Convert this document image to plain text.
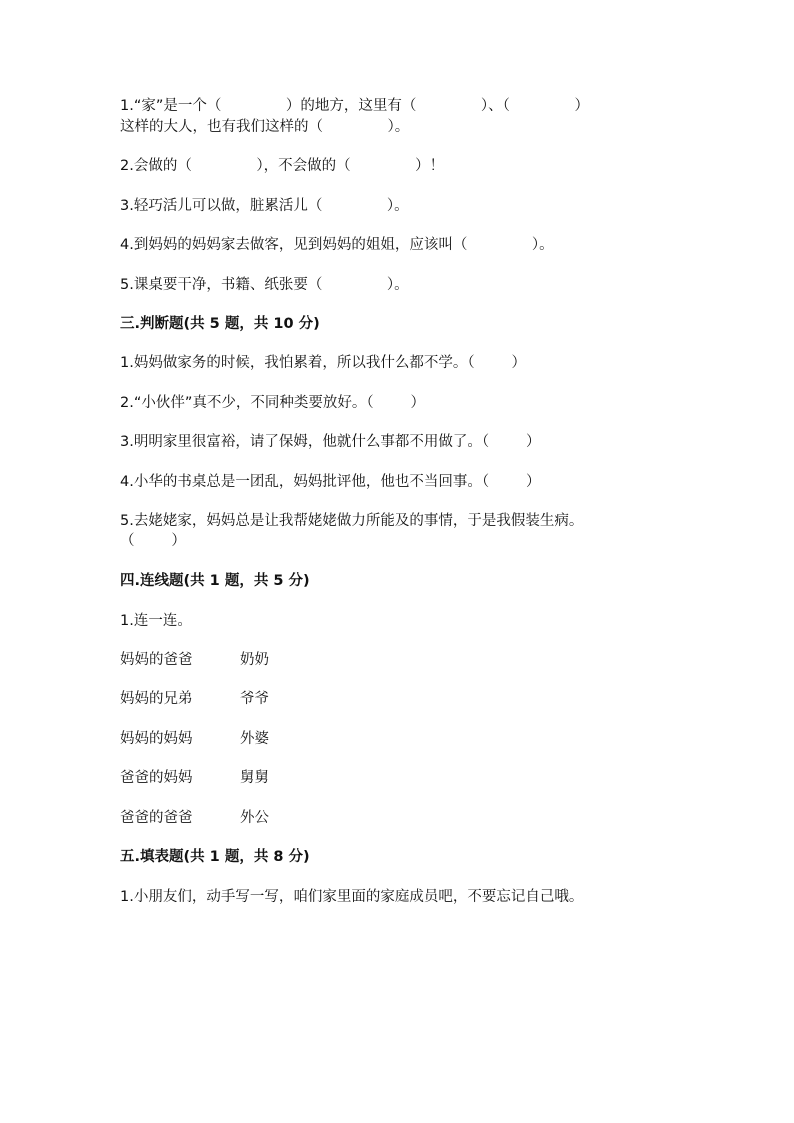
1.“家”是一个（              ）的地方，这里有（              ）、（              ）

这样的大人，也有我们这样的（              ）。

2.会做的（              ），不会做的（              ）！

3.轻巧活儿可以做，脏累活儿（              ）。

4.到妈妈的妈妈家去做客，见到妈妈的姐姐，应该叫（              ）。

5.课桌要干净，书籍、纸张要（              ）。

三.判断题(共 5 题，共 10 分)

1.妈妈做家务的时候，我怕累着，所以我什么都不学。（        ）

2.“小伙伴”真不少，不同种类要放好。（        ）

3.明明家里很富裕，请了保姆，他就什么事都不用做了。（        ）

4.小华的书桌总是一团乱，妈妈批评他，他也不当回事。（        ）

5.去姥姥家，妈妈总是让我帮姥姥做力所能及的事情，于是我假装生病。

（        ）

四.连线题(共 1 题，共 5 分)

1.连一连。

妈妈的爸爸	奶奶
妈妈的兄弟	爷爷
妈妈的妈妈	外婆
爸爸的妈妈	舅舅
爸爸的爸爸	外公

五.填表题(共 1 题，共 8 分)

1.小朋友们，动手写一写，咱们家里面的家庭成员吧，不要忘记自己哦。
